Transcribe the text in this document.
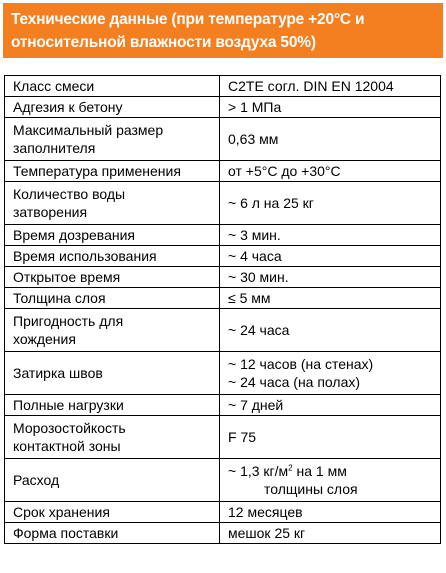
Технические данные (при температуре +20°С и
относительной влажности воздуха 50%)
Класс смеси	C2TE согл. DIN EN 12004

Адгезия к бетону	> 1 МПа

Максимальный размер
заполнителя	0,63 мм

Температура применения	от +5°С до +30°С

Количество воды
затворения	~ 6 л на 25 кг

Время дозревания	~ 3 мин.

Время использования	~ 4 часа

Открытое время	~ 30 мин.

Толщина слоя	≤ 5 мм

Пригодность для
хождения	~ 24 часа

Затирка швов	~ 12 часов (на стенах)
~ 24 часа (на полах)

Полные нагрузки	~ 7 дней

Морозостойкость
контактной зоны	F 75

Расход	~ 1,3 $кг/м^2$ на 1 мм
толщины слоя

Срок хранения	12 месяцев

Форма поставки	мешок 25 кг
